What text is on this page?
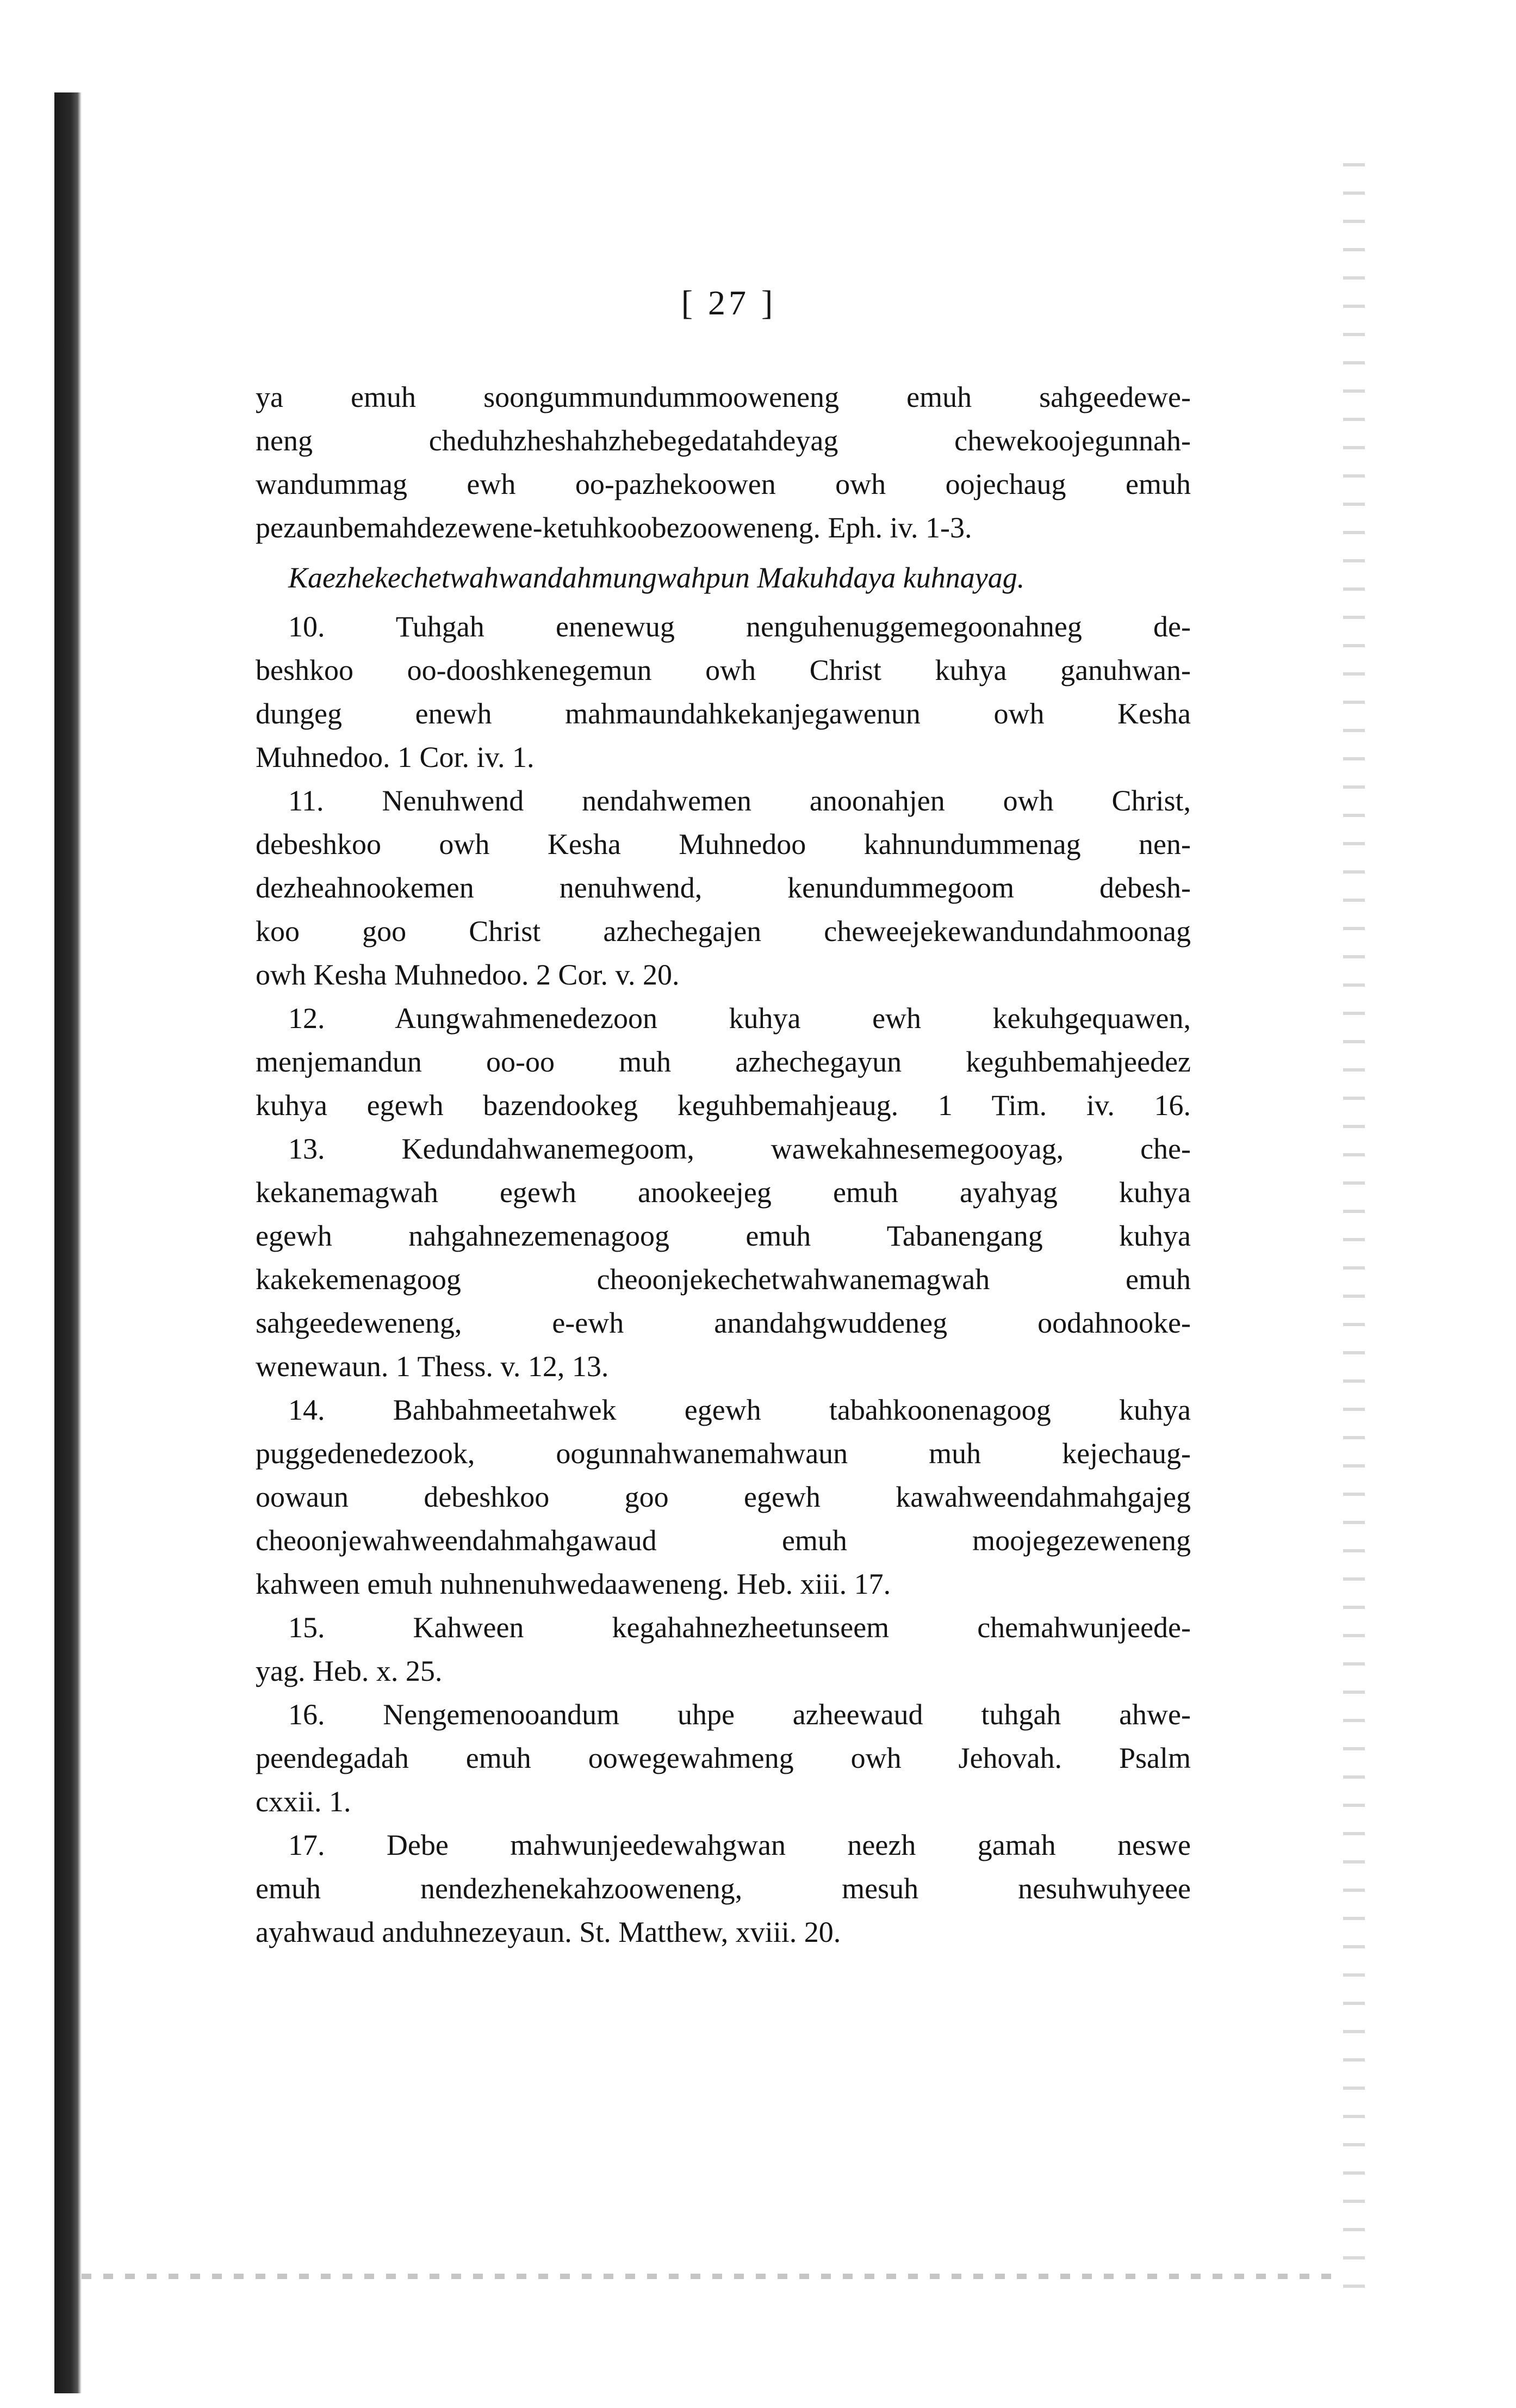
[ 27 ]
ya emuh soongummundummooweneng emuh sahgeedewe-
neng cheduhzheshahzhebegedatahdeyag chewekoojegunnah-
wandummag ewh oo-pazhekoowen owh oojechaug emuh
pezaunbemahdezewene-ketuhkoobezooweneng. Eph. iv. 1-3.
Kaezhekechetwahwandahmungwahpun Makuhdaya kuhnayag.
10. Tuhgah enenewug nenguhenuggemegoonahneg de-
beshkoo oo-dooshkenegemun owh Christ kuhya ganuhwan-
dungeg enewh mahmaundahkekanjegawenun owh Kesha
Muhnedoo. 1 Cor. iv. 1.
11. Nenuhwend nendahwemen anoonahjen owh Christ,
debeshkoo owh Kesha Muhnedoo kahnundummenag nen-
dezheahnookemen nenuhwend, kenundummegoom debesh-
koo goo Christ azhechegajen cheweejekewandundahmoonag
owh Kesha Muhnedoo. 2 Cor. v. 20.
12. Aungwahmenedezoon kuhya ewh kekuhgequawen,
menjemandun oo-oo muh azhechegayun keguhbemahjeedez
kuhya egewh bazendookeg keguhbemahjeaug. 1 Tim. iv. 16.
13. Kedundahwanemegoom, wawekahnesemegooyag, che-
kekanemagwah egewh anookeejeg emuh ayahyag kuhya
egewh nahgahnezemenagoog emuh Tabanengang kuhya
kakekemenagoog cheoonjekechetwahwanemagwah emuh
sahgeedeweneng, e-ewh anandahgwuddeneg oodahnooke-
wenewaun. 1 Thess. v. 12, 13.
14. Bahbahmeetahwek egewh tabahkoonenagoog kuhya
puggedenedezook, oogunnahwanemahwaun muh kejechaug-
oowaun debeshkoo goo egewh kawahweendahmahgajeg
cheoonjewahweendahmahgawaud emuh moojegezeweneng
kahween emuh nuhnenuhwedaaweneng. Heb. xiii. 17.
15. Kahween kegahahnezheetunseem chemahwunjeede-
yag. Heb. x. 25.
16. Nengemenooandum uhpe azheewaud tuhgah ahwe-
peendegadah emuh oowegewahmeng owh Jehovah. Psalm
cxxii. 1.
17. Debe mahwunjeedewahgwan neezh gamah neswe
emuh nendezhenekahzooweneng, mesuh nesuhwuhyeee
ayahwaud anduhnezeyaun. St. Matthew, xviii. 20.
